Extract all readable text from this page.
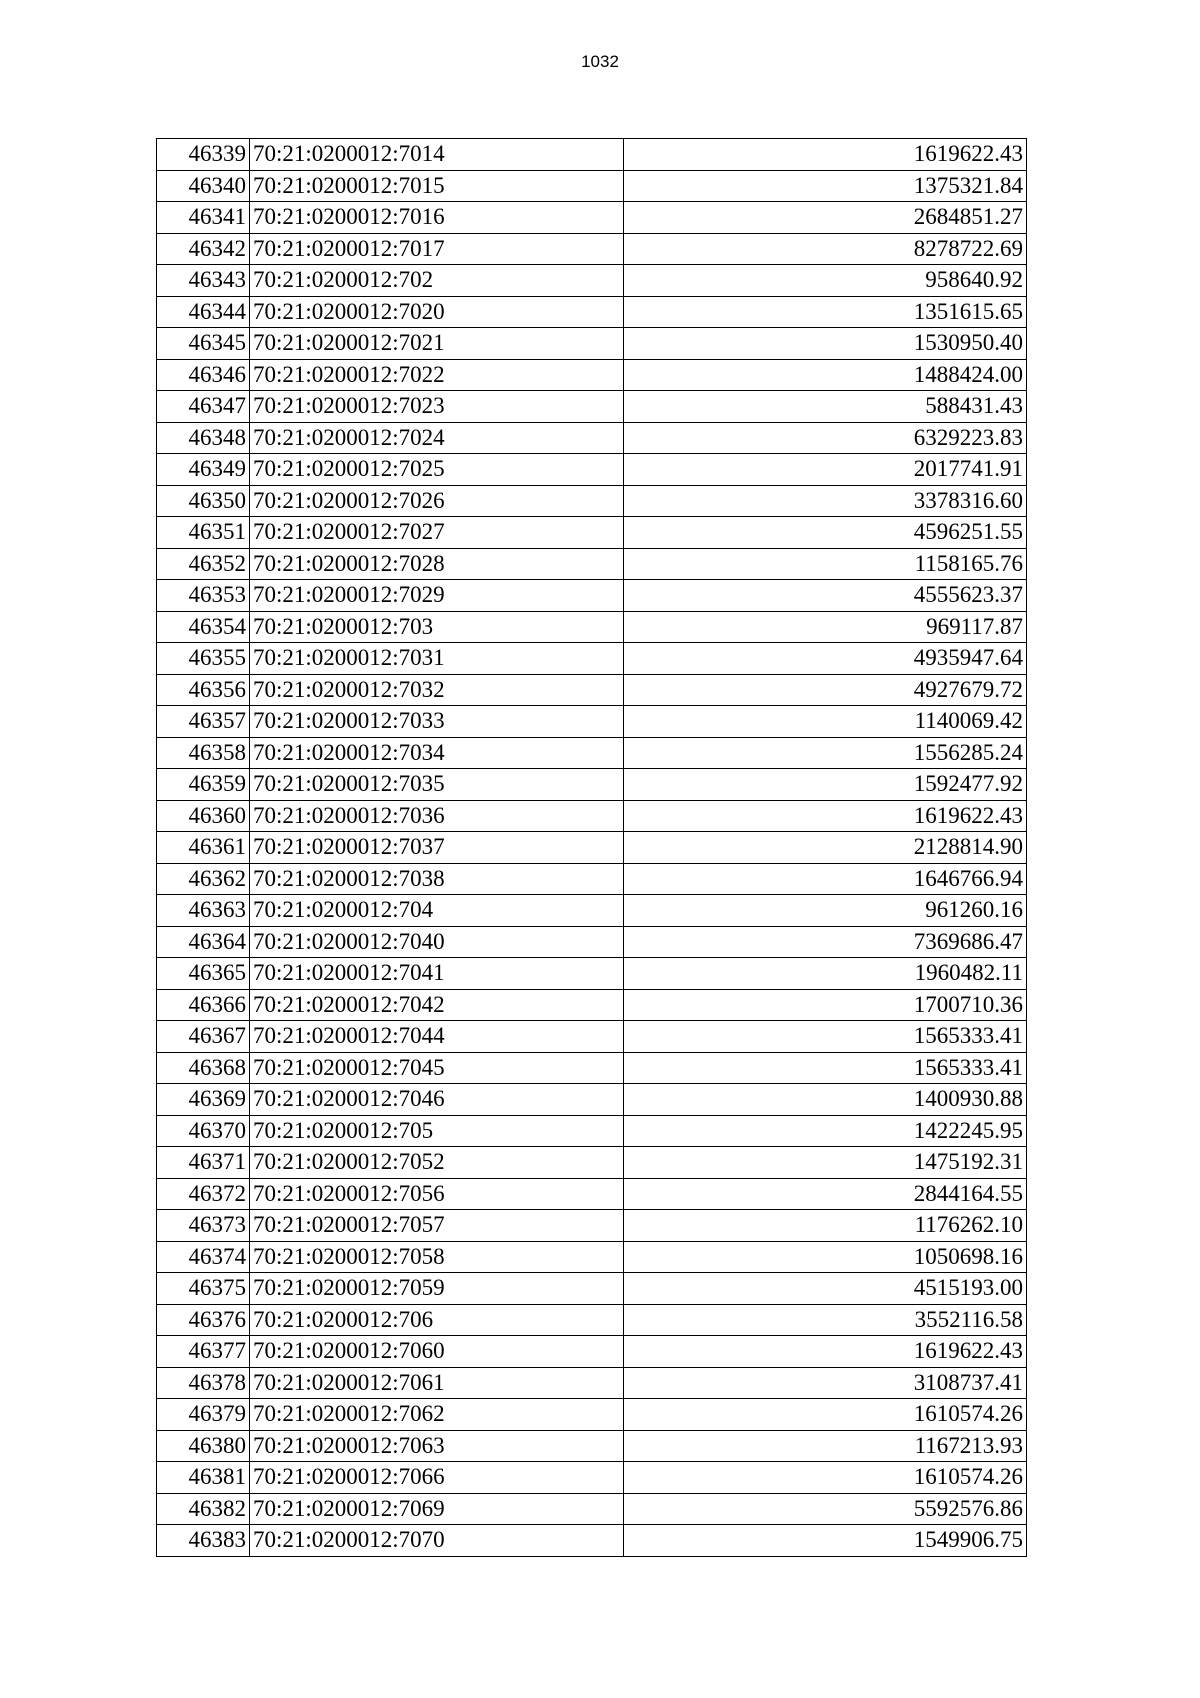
1032
46339	70:21:0200012:7014	1619622.43
46340	70:21:0200012:7015	1375321.84
46341	70:21:0200012:7016	2684851.27
46342	70:21:0200012:7017	8278722.69
46343	70:21:0200012:702	958640.92
46344	70:21:0200012:7020	1351615.65
46345	70:21:0200012:7021	1530950.40
46346	70:21:0200012:7022	1488424.00
46347	70:21:0200012:7023	588431.43
46348	70:21:0200012:7024	6329223.83
46349	70:21:0200012:7025	2017741.91
46350	70:21:0200012:7026	3378316.60
46351	70:21:0200012:7027	4596251.55
46352	70:21:0200012:7028	1158165.76
46353	70:21:0200012:7029	4555623.37
46354	70:21:0200012:703	969117.87
46355	70:21:0200012:7031	4935947.64
46356	70:21:0200012:7032	4927679.72
46357	70:21:0200012:7033	1140069.42
46358	70:21:0200012:7034	1556285.24
46359	70:21:0200012:7035	1592477.92
46360	70:21:0200012:7036	1619622.43
46361	70:21:0200012:7037	2128814.90
46362	70:21:0200012:7038	1646766.94
46363	70:21:0200012:704	961260.16
46364	70:21:0200012:7040	7369686.47
46365	70:21:0200012:7041	1960482.11
46366	70:21:0200012:7042	1700710.36
46367	70:21:0200012:7044	1565333.41
46368	70:21:0200012:7045	1565333.41
46369	70:21:0200012:7046	1400930.88
46370	70:21:0200012:705	1422245.95
46371	70:21:0200012:7052	1475192.31
46372	70:21:0200012:7056	2844164.55
46373	70:21:0200012:7057	1176262.10
46374	70:21:0200012:7058	1050698.16
46375	70:21:0200012:7059	4515193.00
46376	70:21:0200012:706	3552116.58
46377	70:21:0200012:7060	1619622.43
46378	70:21:0200012:7061	3108737.41
46379	70:21:0200012:7062	1610574.26
46380	70:21:0200012:7063	1167213.93
46381	70:21:0200012:7066	1610574.26
46382	70:21:0200012:7069	5592576.86
46383	70:21:0200012:7070	1549906.75
